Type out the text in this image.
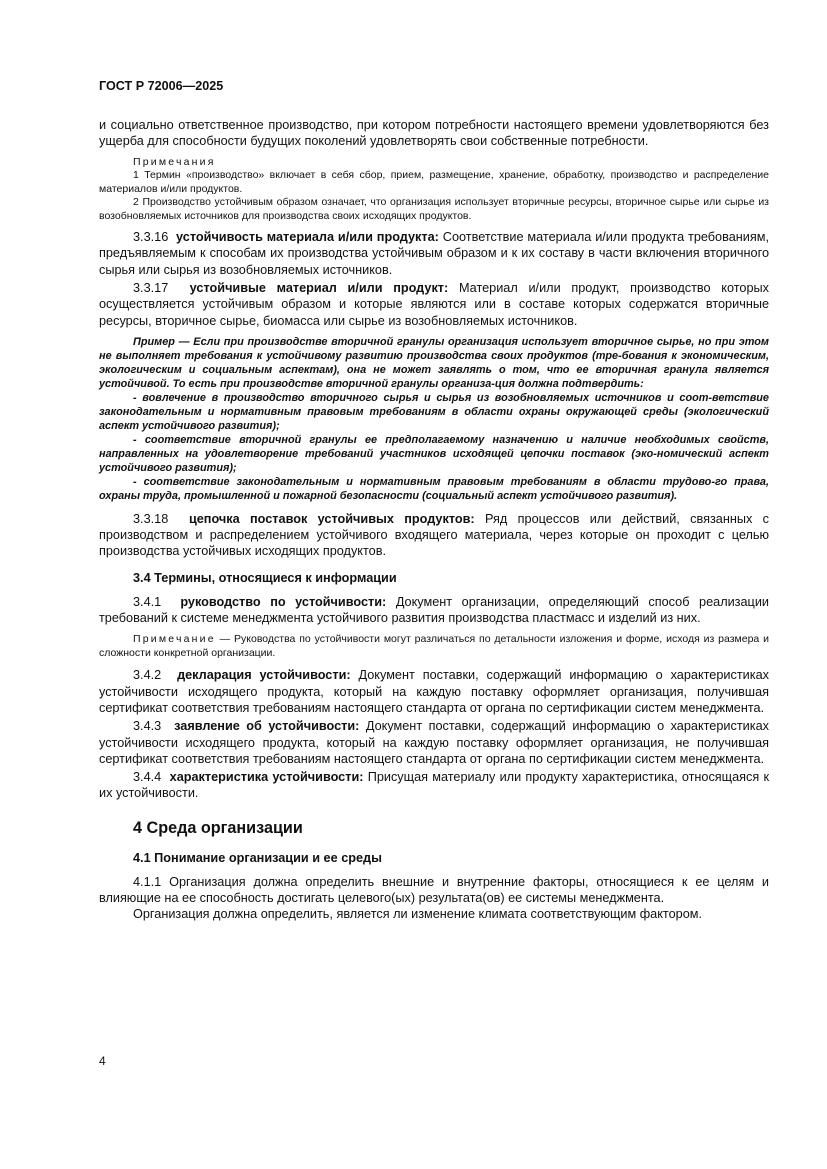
ГОСТ Р 72006—2025

и социально ответственное производство, при котором потребности настоящего времени удовлетворяются без ущерба для способности будущих поколений удовлетворять свои собственные потребности.

Примечания

1 Термин «производство» включает в себя сбор, прием, размещение, хранение, обработку, производство и распределение материалов и/или продуктов.

2 Производство устойчивым образом означает, что организация использует вторичные ресурсы, вторичное сырье или сырье из возобновляемых источников для производства своих исходящих продуктов.

3.3.16 устойчивость материала и/или продукта: Соответствие материала и/или продукта требованиям, предъявляемым к способам их производства устойчивым образом и к их составу в части включения вторичного сырья или сырья из возобновляемых источников.

3.3.17 устойчивые материал и/или продукт: Материал и/или продукт, производство которых осуществляется устойчивым образом и которые являются или в составе которых содержатся вторичные ресурсы, вторичное сырье, биомасса или сырье из возобновляемых источников.

Пример — Если при производстве вторичной гранулы организация использует вторичное сырье, но при этом не выполняет требования к устойчивому развитию производства своих продуктов (тре-бования к экономическим, экологическим и социальным аспектам), она не может заявлять о том, что ее вторичная гранула является устойчивой. То есть при производстве вторичной гранулы организа-ция должна подтвердить:

- вовлечение в производство вторичного сырья и сырья из возобновляемых источников и соот-ветствие законодательным и нормативным правовым требованиям в области охраны окружающей среды (экологический аспект устойчивого развития);

- соответствие вторичной гранулы ее предполагаемому назначению и наличие необходимых свойств, направленных на удовлетворение требований участников исходящей цепочки поставок (эко-номический аспект устойчивого развития);

- соответствие законодательным и нормативным правовым требованиям в области трудово-го права, охраны труда, промышленной и пожарной безопасности (социальный аспект устойчивого развития).

3.3.18 цепочка поставок устойчивых продуктов: Ряд процессов или действий, связанных с производством и распределением устойчивого входящего материала, через которые он проходит с целью производства устойчивых исходящих продуктов.

3.4 Термины, относящиеся к информации

3.4.1 руководство по устойчивости: Документ организации, определяющий способ реализации требований к системе менеджмента устойчивого развития производства пластмасс и изделий из них.

Примечание — Руководства по устойчивости могут различаться по детальности изложения и форме, исходя из размера и сложности конкретной организации.

3.4.2 декларация устойчивости: Документ поставки, содержащий информацию о характеристиках устойчивости исходящего продукта, который на каждую поставку оформляет организация, получившая сертификат соответствия требованиям настоящего стандарта от органа по сертификации систем менеджмента.

3.4.3 заявление об устойчивости: Документ поставки, содержащий информацию о характеристиках устойчивости исходящего продукта, который на каждую поставку оформляет организация, не получившая сертификат соответствия требованиям настоящего стандарта от органа по сертификации систем менеджмента.

3.4.4 характеристика устойчивости: Присущая материалу или продукту характеристика, относящаяся к их устойчивости.

4 Среда организации

4.1 Понимание организации и ее среды

4.1.1 Организация должна определить внешние и внутренние факторы, относящиеся к ее целям и влияющие на ее способность достигать целевого(ых) результата(ов) ее системы менеджмента.

Организация должна определить, является ли изменение климата соответствующим фактором.

4
